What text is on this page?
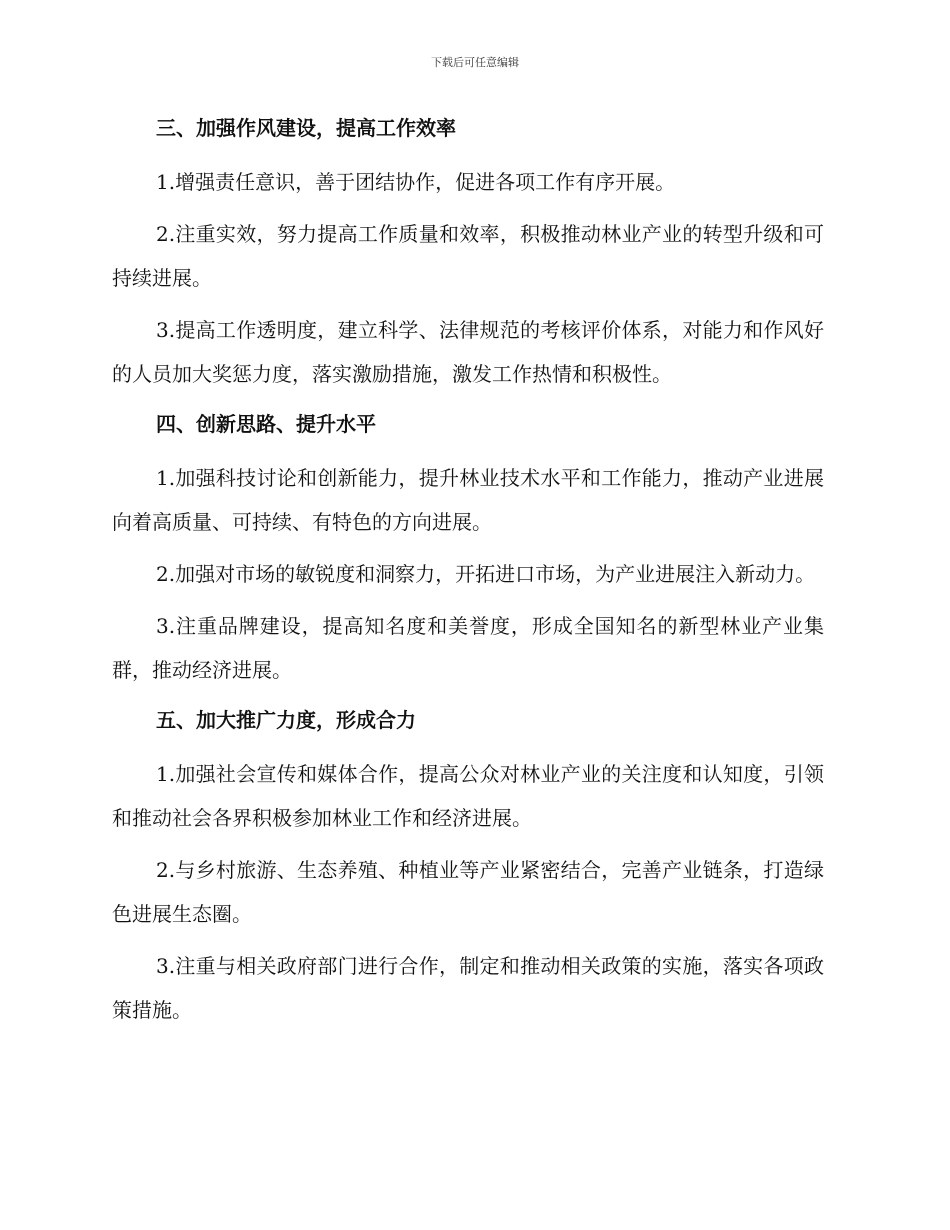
下载后可任意编辑
三、加强作风建设，提高工作效率

1.增强责任意识，善于团结协作，促进各项工作有序开展。

2.注重实效，努力提高工作质量和效率，积极推动林业产业的转型升级和可持续进展。

3.提高工作透明度，建立科学、法律规范的考核评价体系，对能力和作风好的人员加大奖惩力度，落实激励措施，激发工作热情和积极性。

四、创新思路、提升水平

1.加强科技讨论和创新能力，提升林业技术水平和工作能力，推动产业进展向着高质量、可持续、有特色的方向进展。

2.加强对市场的敏锐度和洞察力，开拓进口市场，为产业进展注入新动力。

3.注重品牌建设，提高知名度和美誉度，形成全国知名的新型林业产业集群，推动经济进展。

五、加大推广力度，形成合力

1.加强社会宣传和媒体合作，提高公众对林业产业的关注度和认知度，引领和推动社会各界积极参加林业工作和经济进展。

2.与乡村旅游、生态养殖、种植业等产业紧密结合，完善产业链条，打造绿色进展生态圈。

3.注重与相关政府部门进行合作，制定和推动相关政策的实施，落实各项政策措施。
